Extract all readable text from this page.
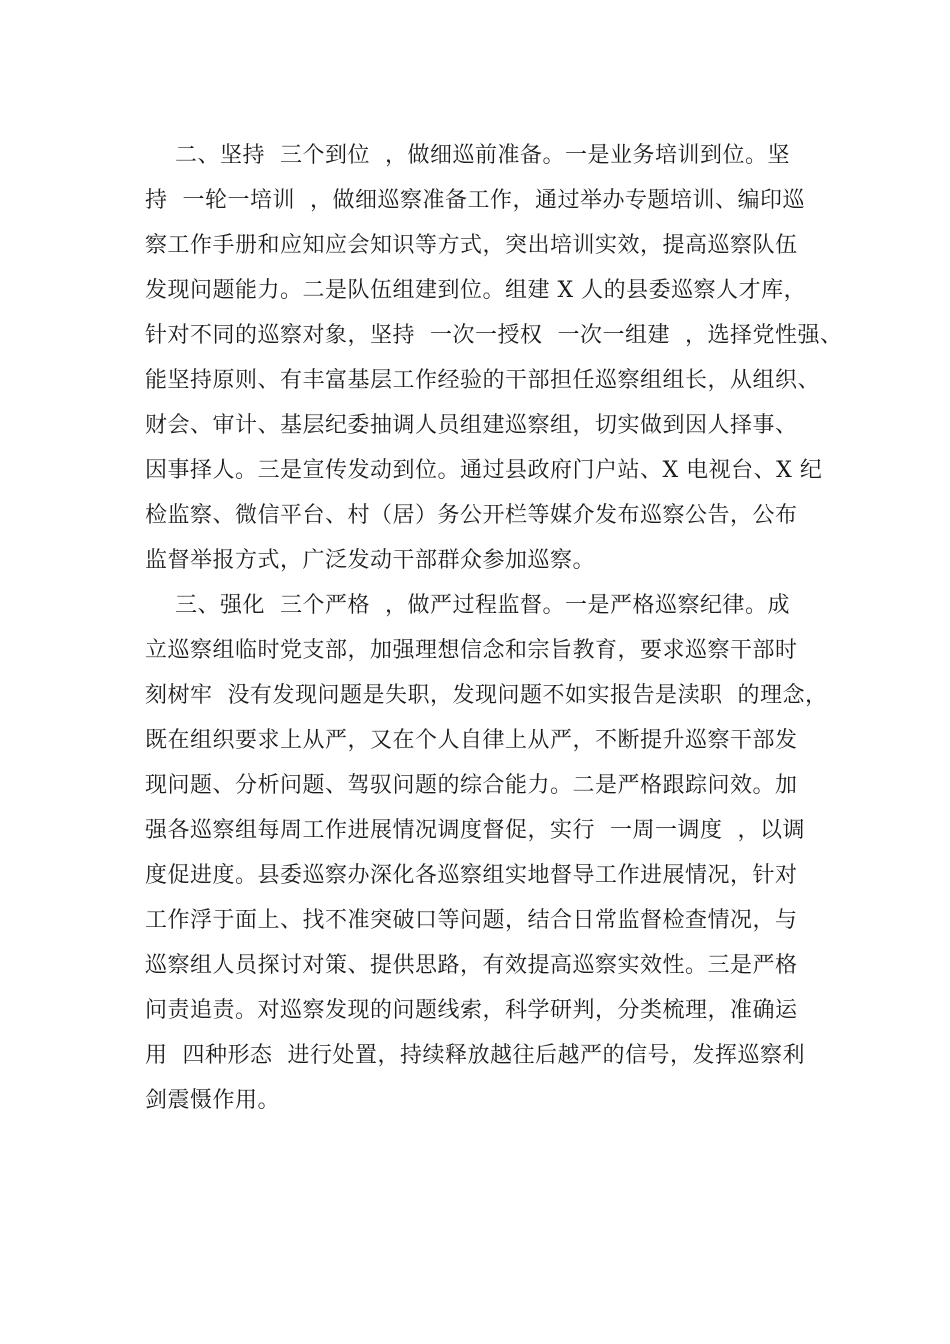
二、坚持  三个到位  ，做细巡前准备。一是业务培训到位。坚
持  一轮一培训  ，做细巡察准备工作，通过举办专题培训、编印巡
察工作手册和应知应会知识等方式，突出培训实效，提高巡察队伍
发现问题能力。二是队伍组建到位。组建 X 人的县委巡察人才库，
针对不同的巡察对象，坚持  一次一授权  一次一组建  ，选择党性强、
能坚持原则、有丰富基层工作经验的干部担任巡察组组长，从组织、
财会、审计、基层纪委抽调人员组建巡察组，切实做到因人择事、
因事择人。三是宣传发动到位。通过县政府门户站、X 电视台、X 纪
检监察、微信平台、村（居）务公开栏等媒介发布巡察公告，公布
监督举报方式，广泛发动干部群众参加巡察。
三、强化  三个严格  ，做严过程监督。一是严格巡察纪律。成
立巡察组临时党支部，加强理想信念和宗旨教育，要求巡察干部时
刻树牢  没有发现问题是失职，发现问题不如实报告是渎职  的理念，
既在组织要求上从严，又在个人自律上从严，不断提升巡察干部发
现问题、分析问题、驾驭问题的综合能力。二是严格跟踪问效。加
强各巡察组每周工作进展情况调度督促，实行  一周一调度  ，以调
度促进度。县委巡察办深化各巡察组实地督导工作进展情况，针对
工作浮于面上、找不准突破口等问题，结合日常监督检查情况，与
巡察组人员探讨对策、提供思路，有效提高巡察实效性。三是严格
问责追责。对巡察发现的问题线索，科学研判，分类梳理，准确运
用  四种形态  进行处置，持续释放越往后越严的信号，发挥巡察利
剑震慑作用。
